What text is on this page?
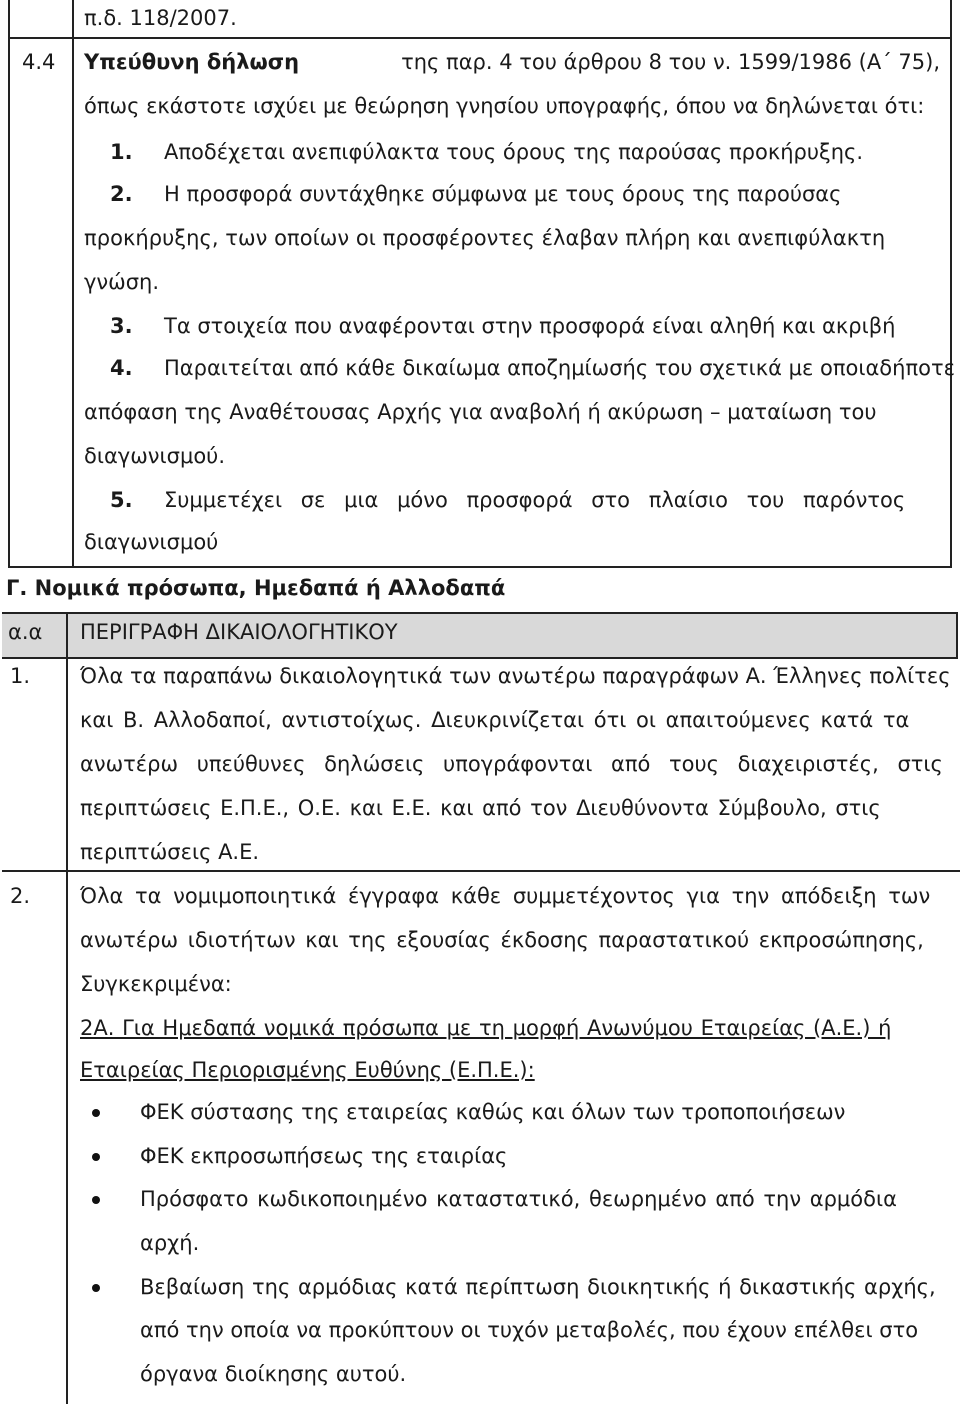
π.δ. 118/2007.
4.4 Υπεύθυνη δήλωση	της παρ. 4 του άρθρου 8 του ν. 1599/1986 (Α΄ 75),
όπως εκάστοτε ισχύει με θεώρηση γνησίου υπογραφής, όπου να δηλώνεται ότι:
1. Αποδέχεται ανεπιφύλακτα τους όρους της παρούσας προκήρυξης.
2. Η προσφορά συντάχθηκε σύμφωνα με τους όρους της παρούσας
προκήρυξης, των οποίων οι προσφέροντες έλαβαν πλήρη και ανεπιφύλακτη
γνώση.
3. Τα στοιχεία που αναφέρονται στην προσφορά είναι αληθή και ακριβή
4. Παραιτείται από κάθε δικαίωμα αποζημίωσής του σχετικά με οποιαδήποτε
απόφαση της Αναθέτουσας Αρχής για αναβολή ή ακύρωση – ματαίωση του
διαγωνισμού.
5. Συμμετέχει σε μια μόνο προσφορά στο πλαίσιο του παρόντος
διαγωνισμού
Γ. Νομικά πρόσωπα, Ημεδαπά ή Αλλοδαπά
α.α ΠΕΡΙΓΡΑΦΗ ΔΙΚΑΙΟΛΟΓΗΤΙΚΟΥ
1. Όλα τα παραπάνω δικαιολογητικά των ανωτέρω παραγράφων Α. Έλληνες πολίτες
και Β. Αλλοδαποί, αντιστοίχως. Διευκρινίζεται ότι οι απαιτούμενες κατά τα
ανωτέρω υπεύθυνες δηλώσεις υπογράφονται από τους διαχειριστές, στις
περιπτώσεις Ε.Π.Ε., Ο.Ε. και Ε.Ε. και από τον Διευθύνοντα Σύμβουλο, στις
περιπτώσεις Α.Ε.
2. Όλα τα νομιμοποιητικά έγγραφα κάθε συμμετέχοντος για την απόδειξη των
ανωτέρω ιδιοτήτων και της εξουσίας έκδοσης παραστατικού εκπροσώπησης,
Συγκεκριμένα:
2Α. Για Ημεδαπά νομικά πρόσωπα με τη μορφή Ανωνύμου Εταιρείας (Α.Ε.) ή
Εταιρείας Περιορισμένης Ευθύνης (Ε.Π.Ε.):
ΦΕΚ σύστασης της εταιρείας καθώς και όλων των τροποποιήσεων
ΦΕΚ εκπροσωπήσεως της εταιρίας
Πρόσφατο κωδικοποιημένο καταστατικό, θεωρημένο από την αρμόδια
αρχή.
Βεβαίωση της αρμόδιας κατά περίπτωση διοικητικής ή δικαστικής αρχής,
από την οποία να προκύπτουν οι τυχόν μεταβολές, που έχουν επέλθει στο
όργανα διοίκησης αυτού.
